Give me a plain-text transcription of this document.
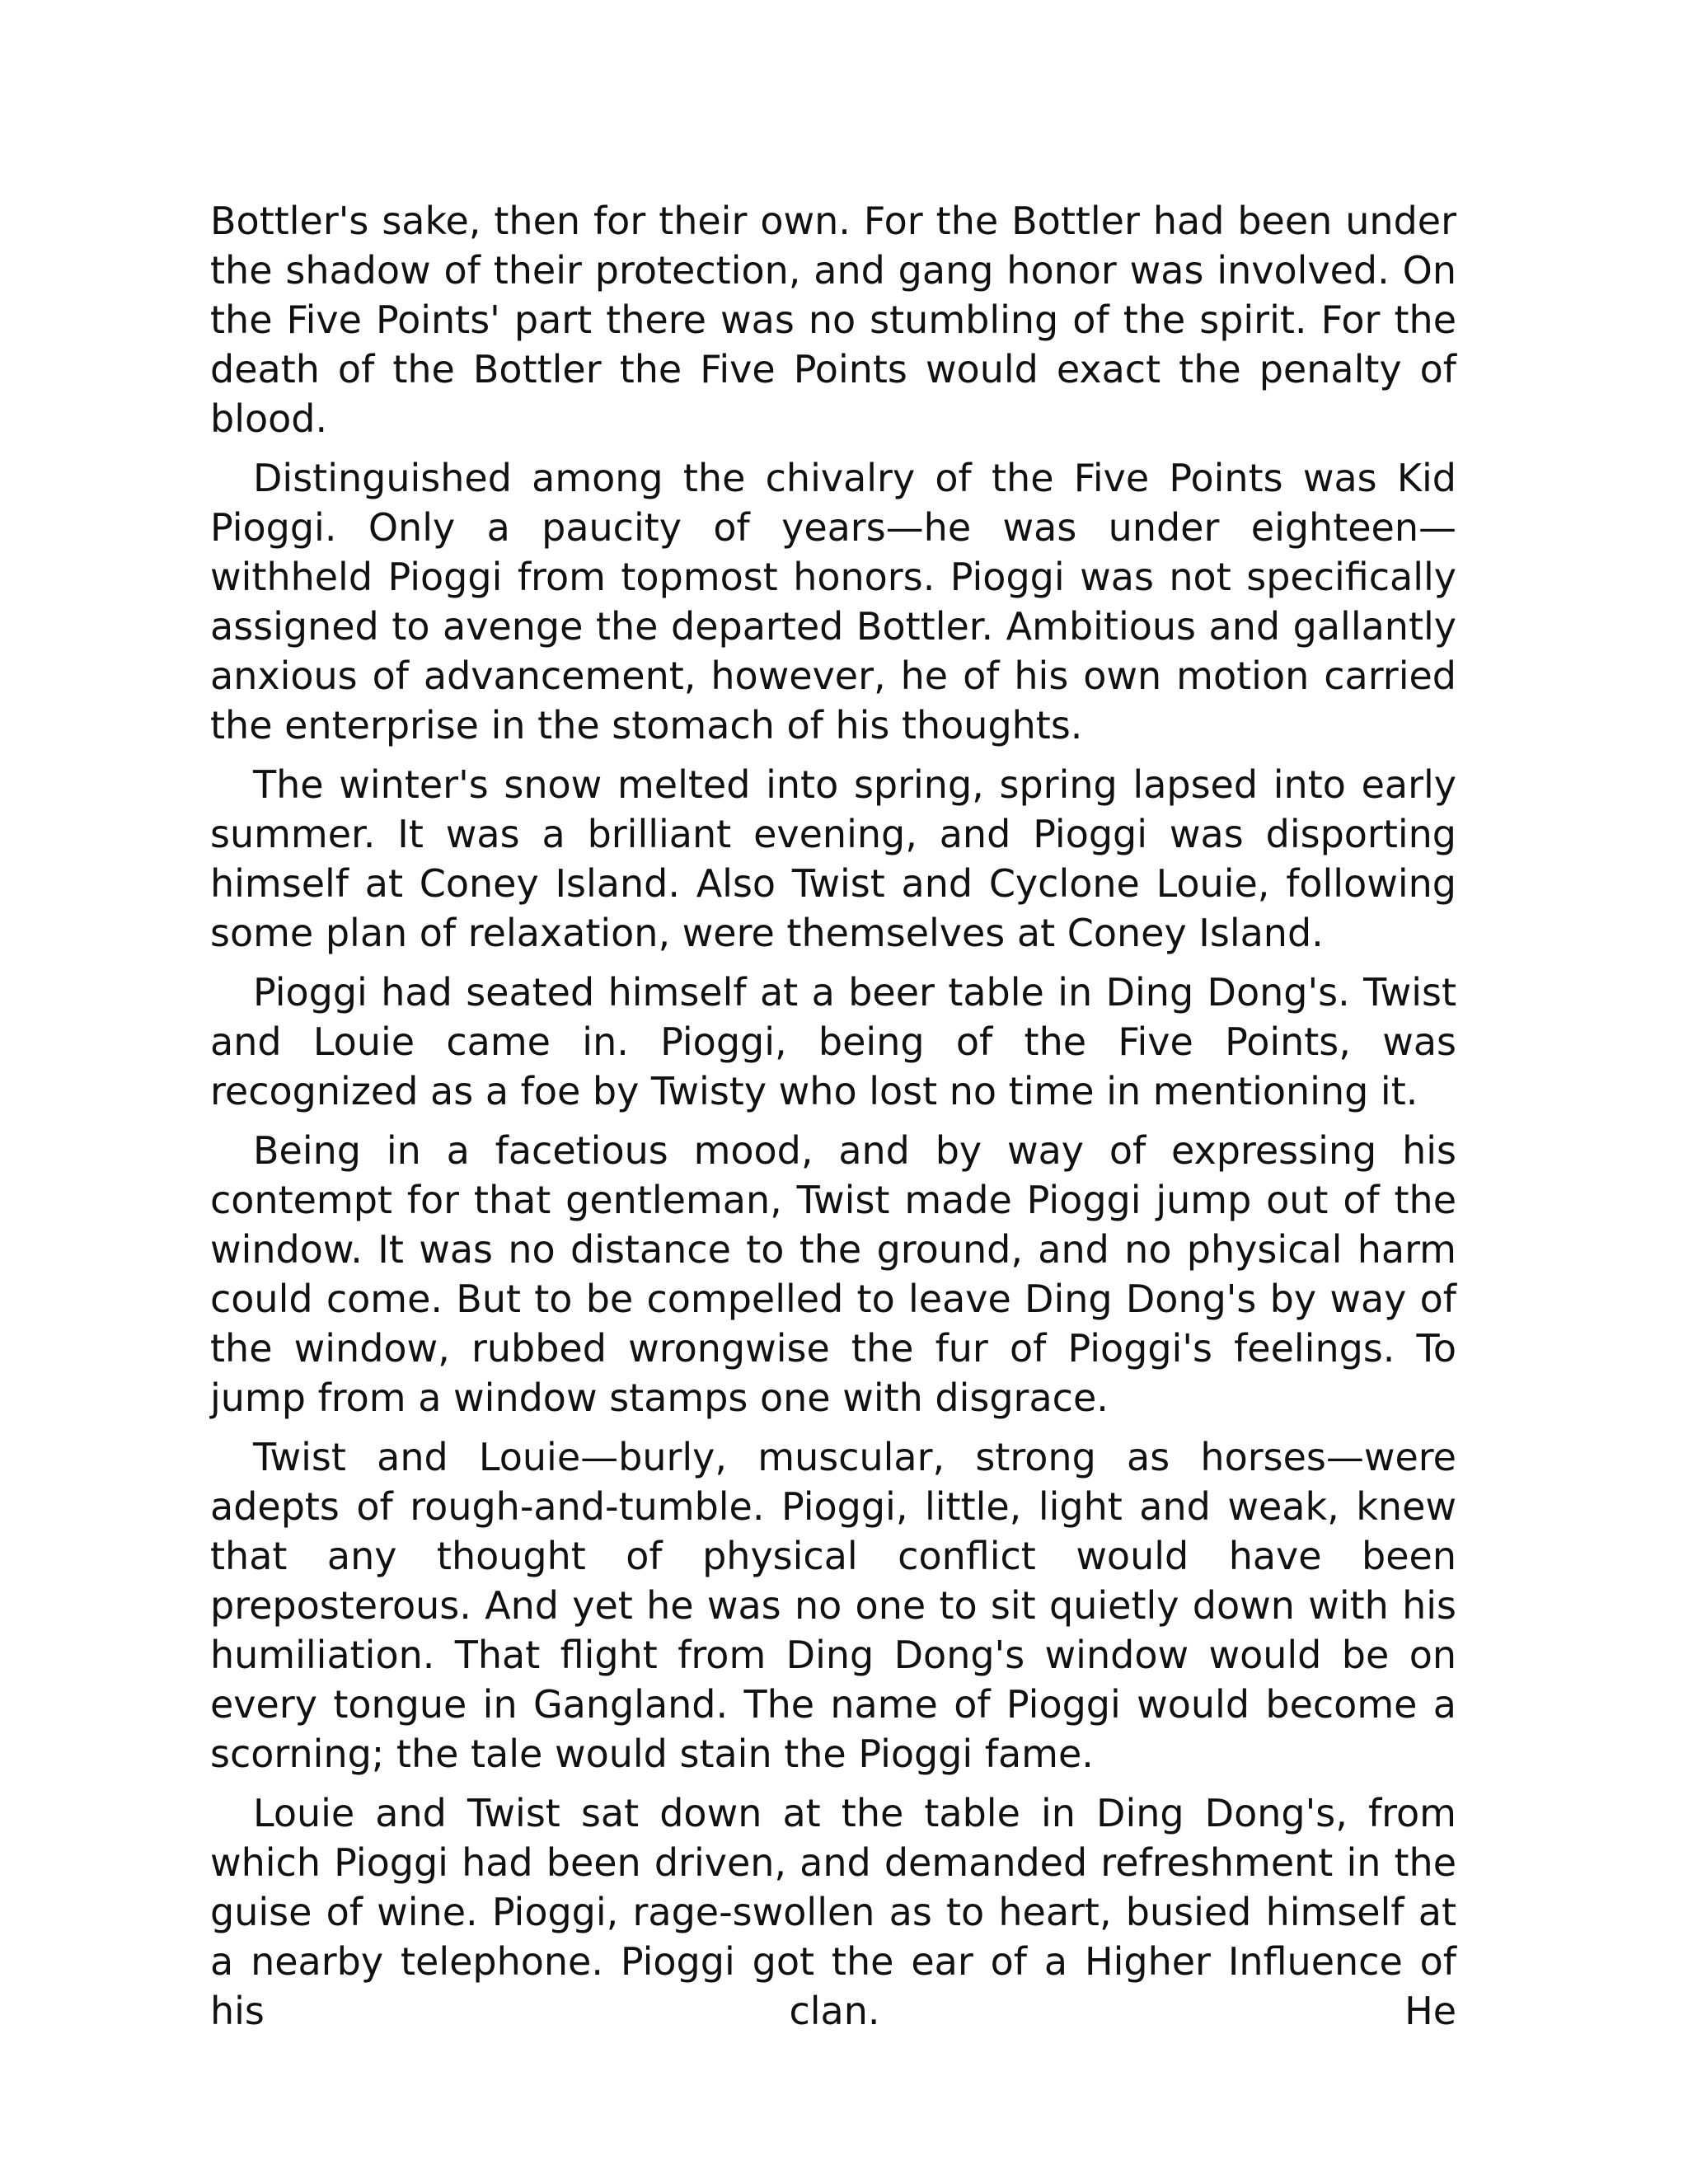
Bottler's sake, then for their own. For the Bottler had been under the shadow of their protection, and gang honor was involved. On the Five Points' part there was no stumbling of the spirit. For the death of the Bottler the Five Points would exact the penalty of blood.

Distinguished among the chivalry of the Five Points was Kid Pioggi. Only a paucity of years—he was under eighteen—withheld Pioggi from topmost honors. Pioggi was not specifically assigned to avenge the departed Bottler. Ambitious and gallantly anxious of advancement, however, he of his own motion carried the enterprise in the stomach of his thoughts.

The winter's snow melted into spring, spring lapsed into early summer. It was a brilliant evening, and Pioggi was disporting himself at Coney Island. Also Twist and Cyclone Louie, following some plan of relaxation, were themselves at Coney Island.

Pioggi had seated himself at a beer table in Ding Dong's. Twist and Louie came in. Pioggi, being of the Five Points, was recognized as a foe by Twisty who lost no time in mentioning it.

Being in a facetious mood, and by way of expressing his contempt for that gentleman, Twist made Pioggi jump out of the window. It was no distance to the ground, and no physical harm could come. But to be compelled to leave Ding Dong's by way of the window, rubbed wrongwise the fur of Pioggi's feelings. To jump from a window stamps one with disgrace.

Twist and Louie—burly, muscular, strong as horses—were adepts of rough-and-tumble. Pioggi, little, light and weak, knew that any thought of physical conflict would have been preposterous. And yet he was no one to sit quietly down with his humiliation. That flight from Ding Dong's window would be on every tongue in Gangland. The name of Pioggi would become a scorning; the tale would stain the Pioggi fame.

Louie and Twist sat down at the table in Ding Dong's, from which Pioggi had been driven, and demanded refreshment in the guise of wine. Pioggi, rage-swollen as to heart, busied himself at a nearby telephone. Pioggi got the ear of a Higher Influence of his clan. He
